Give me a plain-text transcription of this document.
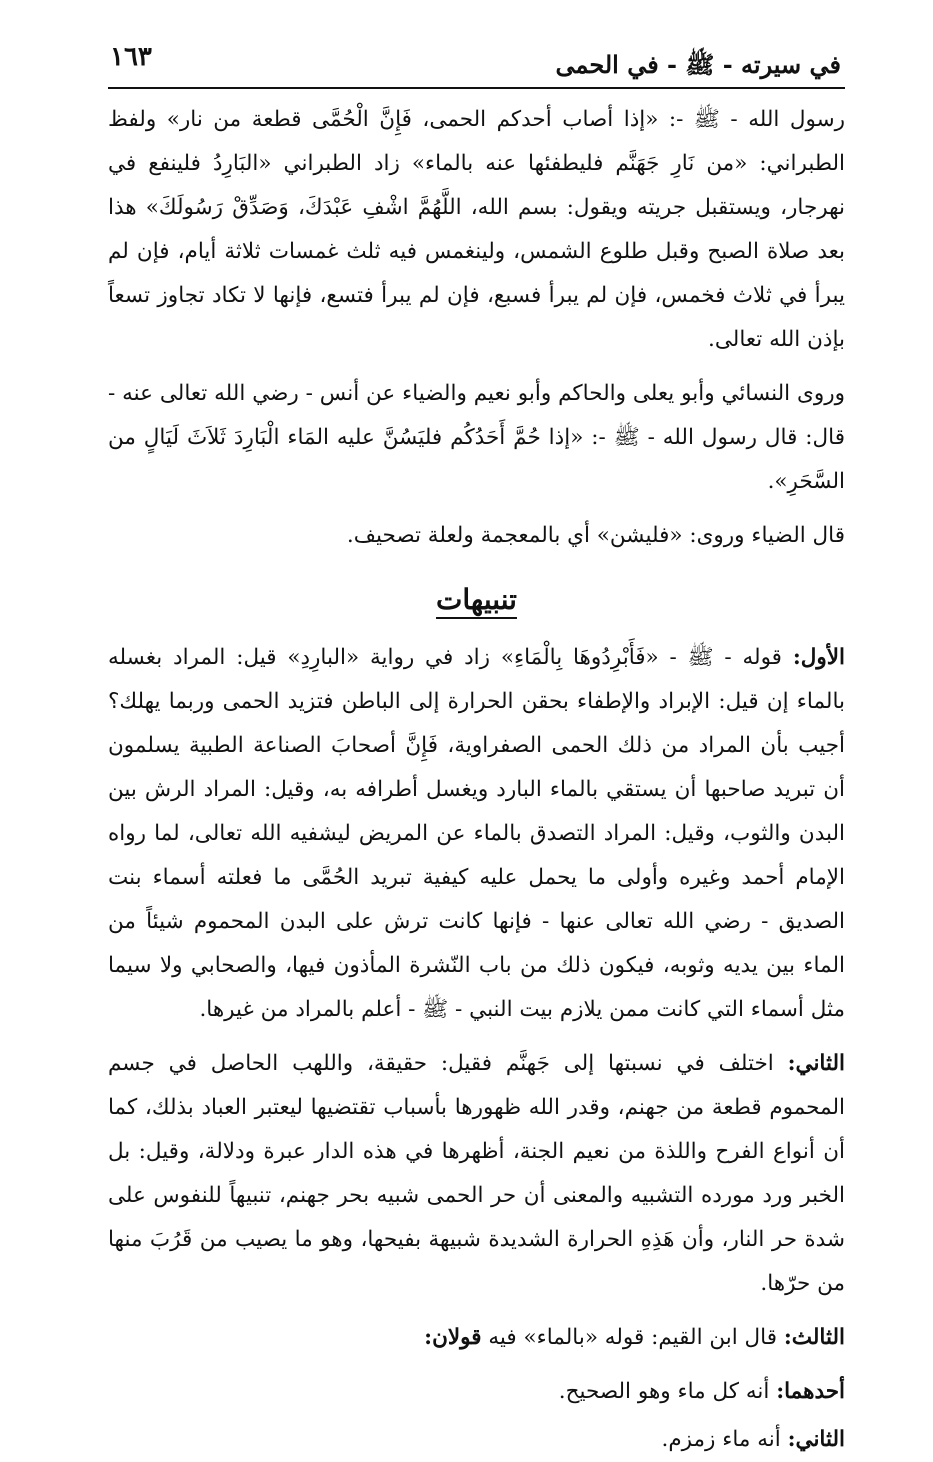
في سيرته - ﷺ - في الحمى
١٦٣

رسول الله - ﷺ -: «إذا أصاب أحدكم الحمى، فَإِنَّ الْحُمَّى قطعة من نار» ولفظ الطبراني: «من نَارِ جَهَنَّم فليطفئها عنه بالماء» زاد الطبراني «البَارِدُ فلينفع في نهرجار، ويستقبل جريته ويقول: بسم الله، اللَّهُمَّ اشْفِ عَبْدَكَ، وَصَدِّقْ رَسُولَكَ» هذا بعد صلاة الصبح وقبل طلوع الشمس، ولينغمس فيه ثلث غمسات ثلاثة أيام، فإن لم يبرأ في ثلاث فخمس، فإن لم يبرأ فسبع، فإن لم يبرأ فتسع، فإنها لا تكاد تجاوز تسعاً بإذن الله تعالى.

وروى النسائي وأبو يعلى والحاكم وأبو نعيم والضياء عن أنس - رضي الله تعالى عنه - قال: قال رسول الله - ﷺ -: «إذا حُمَّ أَحَدُكُم فليَسُنَّ عليه المَاء الْبَارِدَ ثَلاَثَ لَيَالٍ من السَّحَرِ».

قال الضياء وروى: «فليشن» أي بالمعجمة ولعلة تصحيف.

تنبيهات

الأول: قوله - ﷺ - «فَأَبْرِدُوهَا بِالْمَاءِ» زاد في رواية «البارِدِ» قيل: المراد بغسله بالماء إن قيل: الإبراد والإطفاء بحقن الحرارة إلى الباطن فتزيد الحمى وربما يهلك؟ أجيب بأن المراد من ذلك الحمى الصفراوية، فَإِنَّ أصحابَ الصناعة الطبية يسلمون أن تبريد صاحبها أن يستقي بالماء البارد ويغسل أطرافه به، وقيل: المراد الرش بين البدن والثوب، وقيل: المراد التصدق بالماء عن المريض ليشفيه الله تعالى، لما رواه الإمام أحمد وغيره وأولى ما يحمل عليه كيفية تبريد الحُمَّى ما فعلته أسماء بنت الصديق - رضي الله تعالى عنها - فإنها كانت ترش على البدن المحموم شيئاً من الماء بين يديه وثوبه، فيكون ذلك من باب النّشرة المأذون فيها، والصحابي ولا سيما مثل أسماء التي كانت ممن يلازم بيت النبي - ﷺ - أعلم بالمراد من غيرها.

الثاني: اختلف في نسبتها إلى جَهنَّم فقيل: حقيقة، واللهب الحاصل في جسم المحموم قطعة من جهنم، وقدر الله ظهورها بأسباب تقتضيها ليعتبر العباد بذلك، كما أن أنواع الفرح واللذة من نعيم الجنة، أظهرها في هذه الدار عبرة ودلالة، وقيل: بل الخبر ورد مورده التشبيه والمعنى أن حر الحمى شبيه بحر جهنم، تنبيهاً للنفوس على شدة حر النار، وأن هَذِهِ الحرارة الشديدة شبيهة بفيحها، وهو ما يصيب من قَرُبَ منها من حرّها.

الثالث: قال ابن القيم: قوله «بالماء» فيه قولان:

أحدهما: أنه كل ماء وهو الصحيح.

الثاني: أنه ماء زمزم.
